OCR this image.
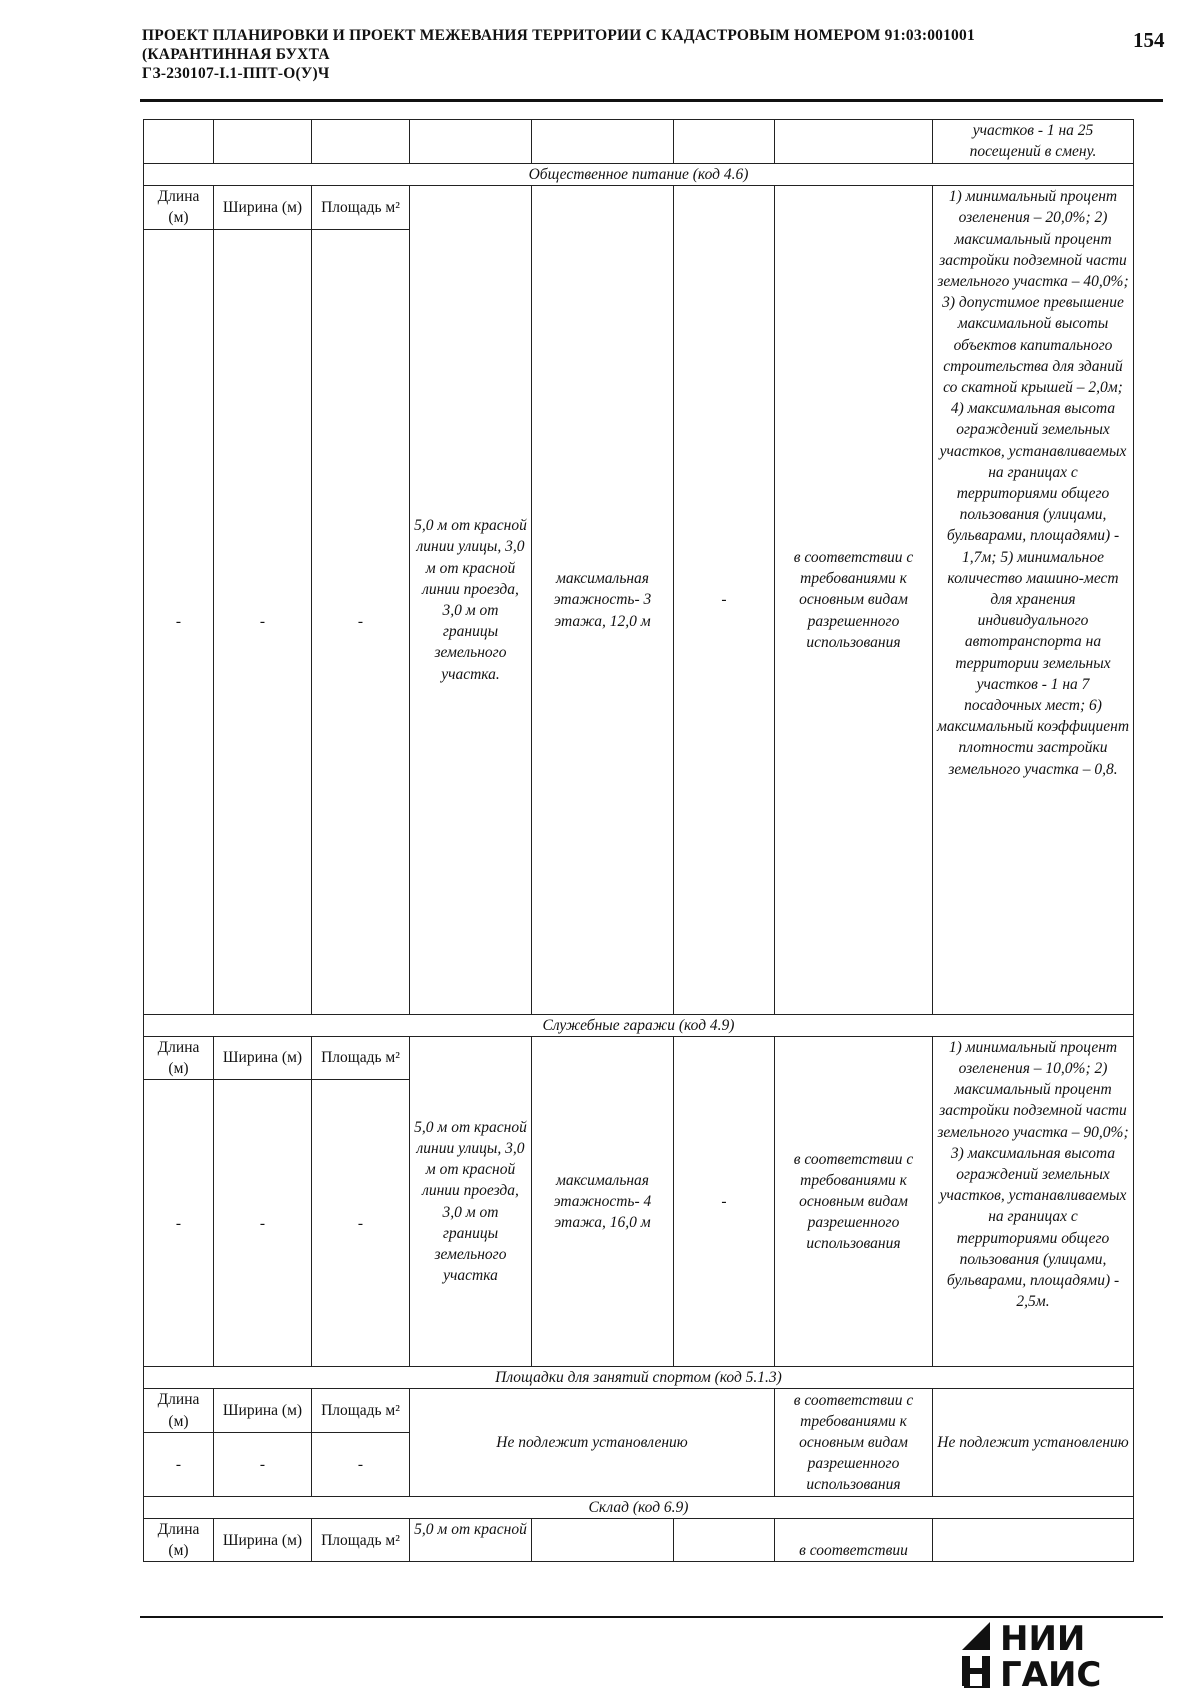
ПРОЕКТ ПЛАНИРОВКИ И ПРОЕКТ МЕЖЕВАНИЯ ТЕРРИТОРИИ С КАДАСТРОВЫМ НОМЕРОМ 91:03:001001
(КАРАНТИННАЯ БУХТА
ГЗ-230107-I.1-ППТ-О(У)Ч
154
							участков - 1 на 25 посещений в смену.
Общественное питание (код 4.6)							
Длина (м)	Ширина (м)	Площадь м²	5,0 м от красной линии улицы, 3,0 м от красной линии проезда, 3,0 м от границы земельного участка.	максимальная этажность- 3 этажа, 12,0 м	-	в соответствии с требованиями к основным видам разрешенного использования	1) минимальный процент озеленения – 20,0%; 2) максимальный процент застройки подземной части земельного участка – 40,0%; 3) допустимое превышение максимальной высоты объектов капитального строительства для зданий со скатной крышей – 2,0м; 4) максимальная высота ограждений земельных участков, устанавливаемых на границах с территориями общего пользования (улицами, бульварами, площадями) - 1,7м; 5) минимальное количество машино-мест для хранения индивидуального автотранспорта на территории земельных участков - 1 на 7 посадочных мест; 6) максимальный коэффициент плотности застройки земельного участка – 0,8.
-	-	-					
Служебные гаражи (код 4.9)							
Длина (м)	Ширина (м)	Площадь м²	5,0 м от красной линии улицы, 3,0 м от красной линии проезда, 3,0 м от границы земельного участка	максимальная этажность- 4 этажа, 16,0 м	-	в соответствии с требованиями к основным видам разрешенного использования	1) минимальный процент озеленения – 10,0%; 2) максимальный процент застройки подземной части земельного участка – 90,0%; 3) максимальная высота ограждений земельных участков, устанавливаемых на границах с территориями общего пользования (улицами, бульварами, площадями) - 2,5м.
-	-	-					
Площадки для занятий спортом (код 5.1.3)							
Длина (м)	Ширина (м)	Площадь м²	Не подлежит установлению			в соответствии с требованиями к основным видам разрешенного использования	Не подлежит установлению
-	-	-					
Склад (код 6.9)							
Длина (м)	Ширина (м)	Площадь м²	5,0 м от красной			в соответствии	
НИИ
ГАИС
